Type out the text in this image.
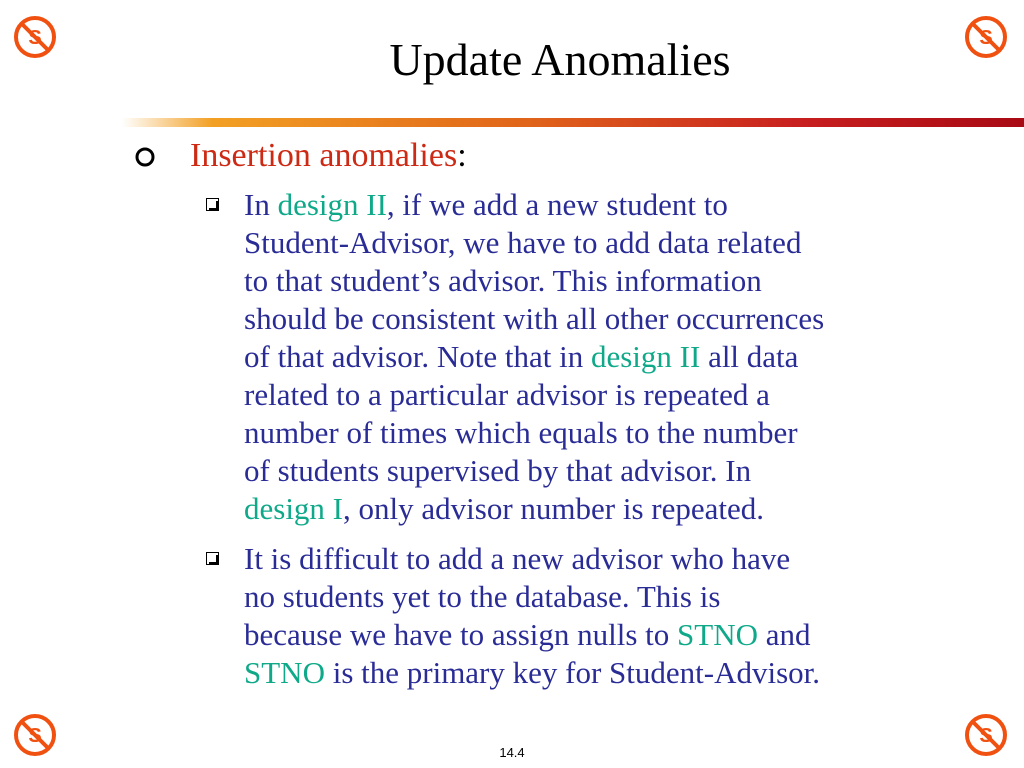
S	S
S	S
Update Anomalies
Insertion anomalies:
In design II, if we add a new student to
Student-Advisor, we have to add data related
to that student’s advisor. This information
should be consistent with all other occurrences
of that advisor. Note that in design II all data
related to a particular advisor is repeated a
number of times which equals to the number
of students supervised by that advisor. In
design I, only advisor number is repeated.
It is difficult to add a new advisor who have
no students yet to the database. This is
because we have to assign nulls to STNO and
STNO is the primary key for Student-Advisor.
14.4
